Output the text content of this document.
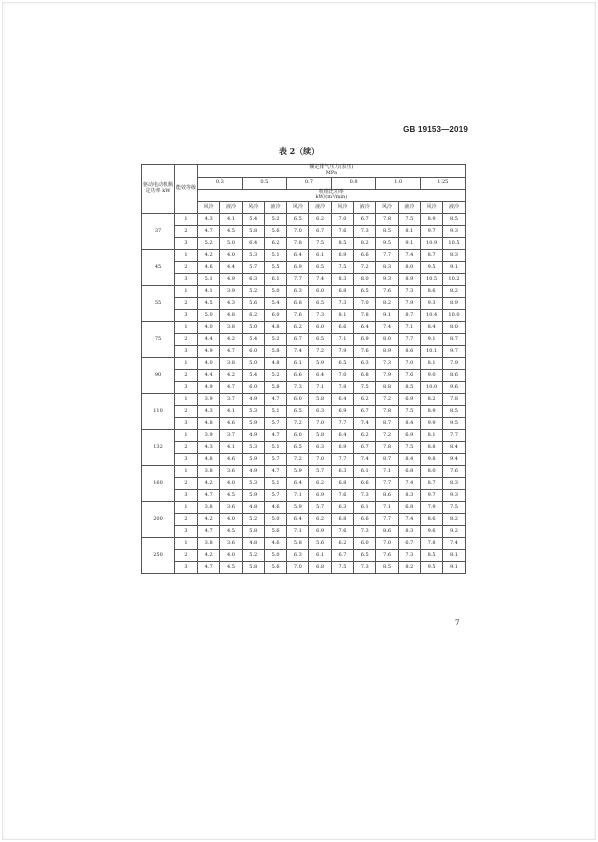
GB 19153—2019
表 2（续）
驱动电动机额定功率 kW	能效等级	额定排气压力(表压)
MPa											

		0.3		0.5		0.7		0.8		1.0		1.25	

		机组比功率
kW/(m³/min)											

		风冷	液冷	风冷	液冷	风冷	液冷	风冷	液冷	风冷	液冷	风冷	液冷
37	1	4.3	4.1	5.4	5.2	6.5	6.2	7.0	6.7	7.8	7.5	8.9	8.5
	2	4.7	4.5	5.8	5.6	7.0	6.7	7.6	7.3	8.5	8.1	9.7	9.3
	3	5.2	5.0	6.4	6.2	7.8	7.5	8.5	8.2	9.5	9.1	10.9	10.5
45	1	4.2	4.0	5.3	5.1	6.4	6.1	6.9	6.6	7.7	7.4	8.7	8.3
	2	4.6	4.4	5.7	5.5	6.9	6.5	7.5	7.2	8.3	8.0	9.5	9.1
	3	5.1	4.9	6.3	6.1	7.7	7.4	8.3	8.0	9.3	8.9	10.5	10.2
55	1	4.1	3.9	5.2	5.0	6.3	6.0	6.8	6.5	7.6	7.3	8.6	8.2
	2	4.5	4.3	5.6	5.4	6.8	6.5	7.3	7.0	8.2	7.9	9.3	8.9
	3	5.0	4.8	6.2	6.0	7.6	7.3	8.1	7.8	9.1	8.7	10.4	10.0
75	1	4.0	3.8	5.0	4.8	6.2	6.0	6.6	6.4	7.4	7.1	8.4	8.0
	2	4.4	4.2	5.4	5.2	6.7	6.5	7.1	6.9	8.0	7.7	9.1	8.7
	3	4.9	4.7	6.0	5.8	7.4	7.2	7.9	7.6	8.9	8.6	10.1	9.7
90	1	4.0	3.8	5.0	4.8	6.1	5.9	6.5	6.3	7.3	7.0	8.1	7.9
	2	4.4	4.2	5.4	5.2	6.6	6.4	7.0	6.8	7.9	7.6	9.0	8.6
	3	4.9	4.7	6.0	5.8	7.3	7.1	7.8	7.5	8.8	8.5	10.0	9.6
110	1	3.9	3.7	4.9	4.7	6.0	5.8	6.4	6.2	7.2	6.9	8.2	7.8
	2	4.3	4.1	5.3	5.1	6.5	6.3	6.9	6.7	7.8	7.5	8.9	8.5
	3	4.8	4.6	5.9	5.7	7.2	7.0	7.7	7.4	8.7	8.4	9.9	9.5
132	1	3.9	3.7	4.9	4.7	6.0	5.8	6.4	6.2	7.2	6.9	8.1	7.7
	2	4.3	4.1	5.3	5.1	6.5	6.3	6.9	6.7	7.8	7.5	8.8	8.4
	3	4.8	4.6	5.9	5.7	7.2	7.0	7.7	7.4	8.7	8.4	9.8	9.4
160	1	3.8	3.6	4.9	4.7	5.9	5.7	6.3	6.1	7.1	6.8	8.0	7.6
	2	4.2	4.0	5.3	5.1	6.4	6.2	6.8	6.6	7.7	7.4	8.7	8.3
	3	4.7	4.5	5.9	5.7	7.1	6.9	7.6	7.3	8.6	8.3	9.7	9.3
200	1	3.8	3.6	4.8	4.6	5.9	5.7	6.3	6.1	7.1	6.8	7.9	7.5
	2	4.2	4.0	5.2	5.0	6.4	6.2	6.8	6.6	7.7	7.4	8.6	8.2
	3	4.7	4.5	5.8	5.6	7.1	6.9	7.6	7.3	8.6	8.3	9.6	9.2
250	1	3.8	3.6	4.8	4.6	5.8	5.6	6.2	6.0	7.0	6.7	7.8	7.4
	2	4.2	4.0	5.2	5.0	6.3	6.1	6.7	6.5	7.6	7.3	8.5	8.1
	3	4.7	4.5	5.8	5.6	7.0	6.8	7.5	7.3	8.5	8.2	9.5	9.1
7
